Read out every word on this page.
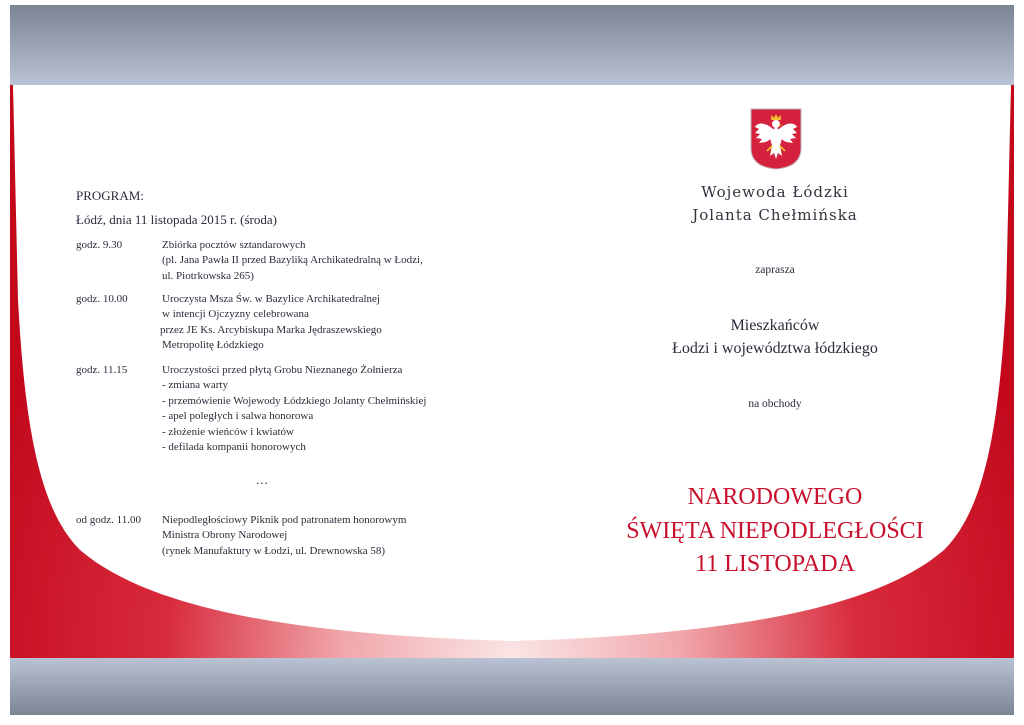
PROGRAM:
Łódź, dnia 11 listopada 2015 r. (środa)
godz. 9.30	Zbiórka pocztów sztandarowych
(pl. Jana Pawła II przed Bazyliką Archikatedralną w Łodzi,
ul. Piotrkowska 265)
godz. 10.00	Uroczysta Msza Św. w Bazylice Archikatedralnej
w intencji Ojczyzny celebrowana
przez JE Ks. Arcybiskupa Marka Jędraszewskiego
Metropolitę Łódzkiego
godz. 11.15	Uroczystości przed płytą Grobu Nieznanego Żołnierza
- zmiana warty
- przemówienie Wojewody Łódzkiego Jolanty Chełmińskiej
- apel poległych i salwa honorowa
- złożenie wieńców i kwiatów
- defilada kompanii honorowych
...
od godz. 11.00 Niepodległościowy Piknik pod patronatem honorowym
Ministra Obrony Narodowej
(rynek Manufaktury w Łodzi, ul. Drewnowska 58)
Wojewoda Łódzki
Jolanta Chełmińska
zaprasza
Mieszkańców
Łodzi i województwa łódzkiego
na obchody
NARODOWEGO
ŚWIĘTA NIEPODLEGŁOŚCI
11 LISTOPADA
